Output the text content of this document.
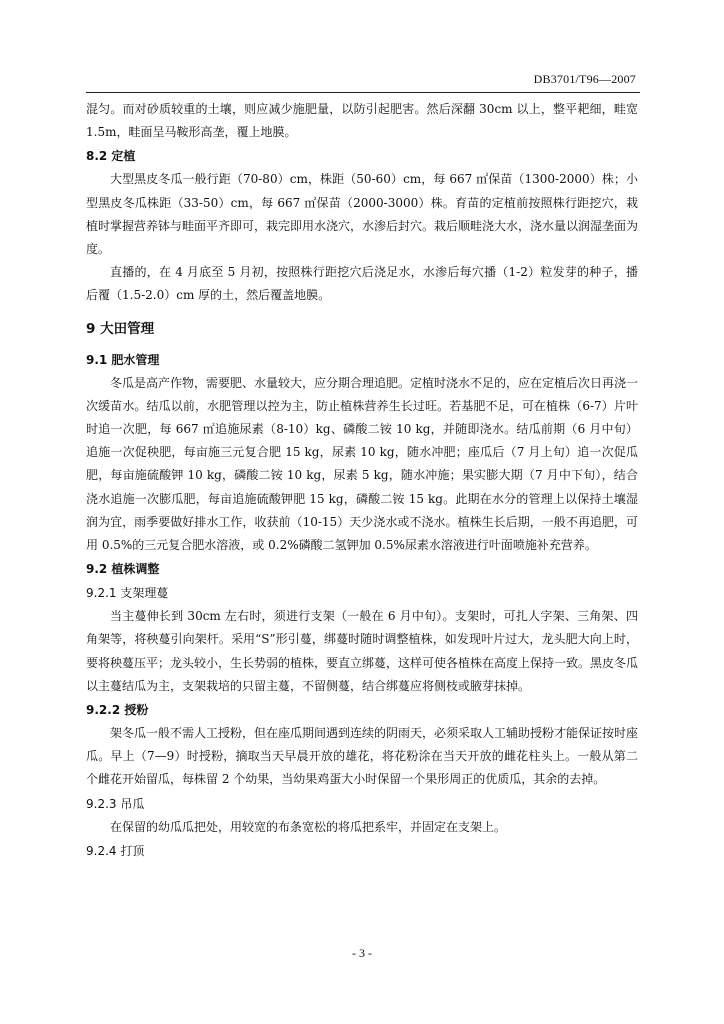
DB3701/T96—2007

混匀。而对砂质较重的土壤，则应减少施肥量，以防引起肥害。然后深翻 30cm 以上，整平耙细，畦宽 1.5m，畦面呈马鞍形高垄，覆上地膜。

8.2 定植

大型黑皮冬瓜一般行距（70-80）cm，株距（50-60）cm，每 667 ㎡保苗（1300-2000）株；小型黑皮冬瓜株距（33-50）cm，每 667 ㎡保苗（2000-3000）株。育苗的定植前按照株行距挖穴，栽植时掌握营养钵与畦面平齐即可，栽完即用水浇穴，水渗后封穴。栽后顺畦浇大水，浇水量以润湿垄面为度。

直播的，在 4 月底至 5 月初，按照株行距挖穴后浇足水，水渗后每穴播（1-2）粒发芽的种子，播后覆（1.5-2.0）cm 厚的土，然后覆盖地膜。

9 大田管理
9.1 肥水管理

冬瓜是高产作物，需要肥、水量较大，应分期合理追肥。定植时浇水不足的，应在定植后次日再浇一次缓苗水。结瓜以前，水肥管理以控为主，防止植株营养生长过旺。若基肥不足，可在植株（6-7）片叶时追一次肥，每 667 ㎡追施尿素（8-10）kg、磷酸二铵 10 kg，并随即浇水。结瓜前期（6 月中旬）追施一次促秧肥，每亩施三元复合肥 15 kg，尿素 10 kg，随水冲肥；座瓜后（7 月上旬）追一次促瓜肥，每亩施硫酸钾 10 kg，磷酸二铵 10 kg，尿素 5 kg，随水冲施；果实膨大期（7 月中下旬），结合浇水追施一次膨瓜肥，每亩追施硫酸钾肥 15 kg，磷酸二铵 15 kg。此期在水分的管理上以保持土壤湿润为宜，雨季要做好排水工作，收获前（10-15）天少浇水或不浇水。植株生长后期，一般不再追肥，可用 0.5%的三元复合肥水溶液，或 0.2%磷酸二氢钾加 0.5%尿素水溶液进行叶面喷施补充营养。

9.2 植株调整
9.2.1 支架理蔓

当主蔓伸长到 30cm 左右时，须进行支架（一般在 6 月中旬）。支架时，可扎人字架、三角架、四角架等，将秧蔓引向架杆。采用“S”形引蔓，绑蔓时随时调整植株，如发现叶片过大，龙头肥大向上时，要将秧蔓压平；龙头较小，生长势弱的植株，要直立绑蔓，这样可使各植株在高度上保持一致。黑皮冬瓜以主蔓结瓜为主，支架栽培的只留主蔓，不留侧蔓，结合绑蔓应将侧枝或腋芽抹掉。

9.2.2 授粉

架冬瓜一般不需人工授粉，但在座瓜期间遇到连续的阴雨天，必须采取人工辅助授粉才能保证按时座瓜。早上（7—9）时授粉，摘取当天早晨开放的雄花，将花粉涂在当天开放的雌花柱头上。一般从第二个雌花开始留瓜，每株留 2 个幼果，当幼果鸡蛋大小时保留一个果形周正的优质瓜，其余的去掉。

9.2.3 吊瓜

在保留的幼瓜瓜把处，用较宽的布条宽松的将瓜把系牢，并固定在支架上。

9.2.4 打顶
- 3 -
